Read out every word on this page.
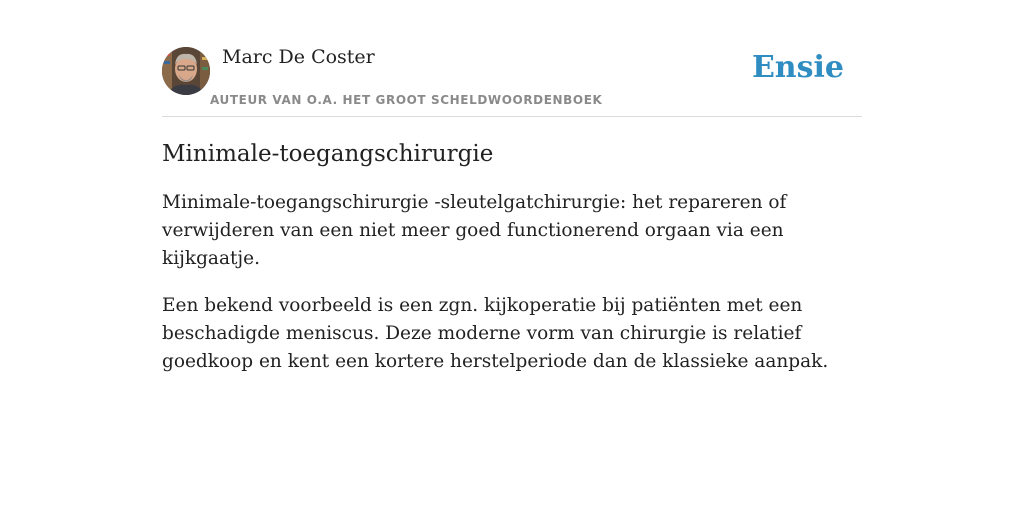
Marc De Coster
AUTEUR VAN O.A. HET GROOT SCHELDWOORDENBOEK
Ensie
Minimale-toegangschirurgie

Minimale-toegangschirurgie -sleutelgatchirurgie: het repareren of verwijderen van een niet meer goed functionerend orgaan via een kijkgaatje.

Een bekend voorbeeld is een zgn. kijkoperatie bij patiënten met een beschadigde meniscus. Deze moderne vorm van chirurgie is relatief goedkoop en kent een kortere herstelperiode dan de klassieke aanpak.
